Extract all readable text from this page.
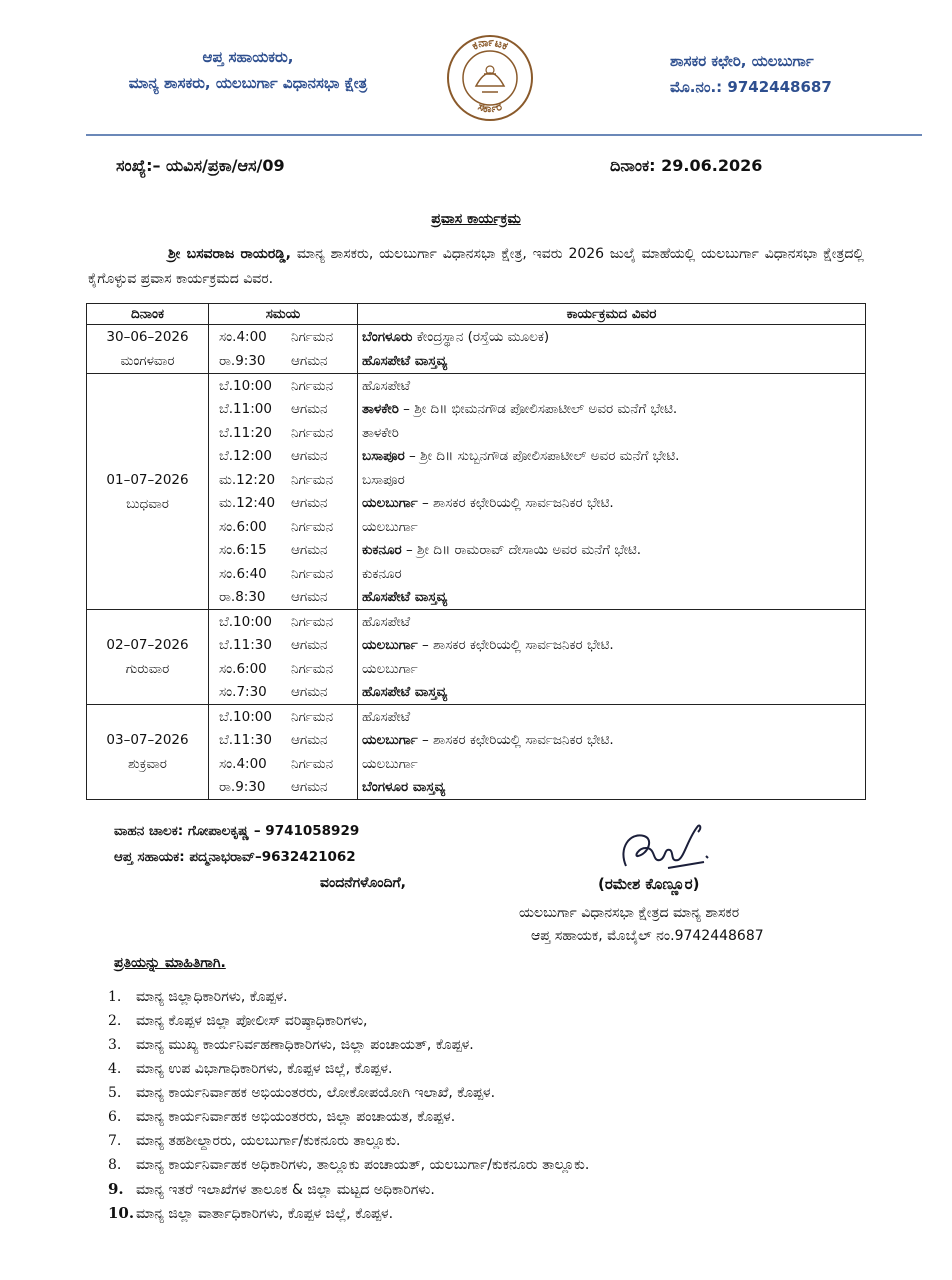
ಆಪ್ತ ಸಹಾಯಕರು,
ಮಾನ್ಯ ಶಾಸಕರು, ಯಲಬುರ್ಗಾ ವಿಧಾನಸಭಾ ಕ್ಷೇತ್ರ
ಕರ್ನಾಟಕ
ಸರ್ಕಾರ
ಶಾಸಕರ ಕಛೇರಿ, ಯಲಬುರ್ಗಾ
ಮೊ.ನಂ.: 9742448687
ಸಂಖ್ಯೆ:– ಯವಿಸ/ಪ್ರಕಾ/ಆಸ/09	ದಿನಾಂಕ: 29.06.2026
ಪ್ರವಾಸ ಕಾರ್ಯಕ್ರಮ
ಶ್ರೀ ಬಸವರಾಜ ರಾಯರಡ್ಡಿ, ಮಾನ್ಯ ಶಾಸಕರು, ಯಲಬುರ್ಗಾ ವಿಧಾನಸಭಾ ಕ್ಷೇತ್ರ, ಇವರು 2026 ಜುಲೈ ಮಾಹೆಯಲ್ಲಿ ಯಲಬುರ್ಗಾ ವಿಧಾನಸಭಾ ಕ್ಷೇತ್ರದಲ್ಲಿ ಕೈಗೊಳ್ಳುವ ಪ್ರವಾಸ ಕಾರ್ಯಕ್ರಮದ ವಿವರ.
ದಿನಾಂಕ	ಸಮಯ		ಕಾರ್ಯಕ್ರಮದ ವಿವರ

30–06–2026
ಮಂಗಳವಾರ	ಸಂ.4:00	ನಿರ್ಗಮನ	ಬೆಂಗಳೂರು ಕೇಂದ್ರಸ್ಥಾನ (ರಸ್ತೆಯ ಮೂಲಕ)
	ರಾ.9:30	ಆಗಮನ	ಹೊಸಪೇಟೆ ವಾಸ್ತವ್ಯ

01–07–2026
ಬುಧವಾರ	ಬೆ.10:00	ನಿರ್ಗಮನ	ಹೊಸಪೇಟೆ
	ಬೆ.11:00	ಆಗಮನ	ತಾಳಕೇರಿ – ಶ್ರೀ ದಿ॥ ಭೀಮನಗೌಡ ಪೋಲಿಸಪಾಟೀಲ್ ಅವರ ಮನೆಗೆ ಭೇಟಿ.
	ಬೆ.11:20	ನಿರ್ಗಮನ	ತಾಳಕೇರಿ
	ಬೆ.12:00	ಆಗಮನ	ಬಸಾಪೂರ – ಶ್ರೀ ದಿ॥ ಸುಬ್ಬನಗೌಡ ಪೋಲಿಸಪಾಟೀಲ್ ಅವರ ಮನೆಗೆ ಭೇಟಿ.
	ಮ.12:20	ನಿರ್ಗಮನ	ಬಸಾಪೂರ
	ಮ.12:40	ಆಗಮನ	ಯಲಬುರ್ಗಾ – ಶಾಸಕರ ಕಛೇರಿಯಲ್ಲಿ ಸಾರ್ವಜನಿಕರ ಭೇಟಿ.
	ಸಂ.6:00	ನಿರ್ಗಮನ	ಯಲಬುರ್ಗಾ
	ಸಂ.6:15	ಆಗಮನ	ಕುಕನೂರ – ಶ್ರೀ ದಿ॥ ರಾಮರಾವ್ ದೇಸಾಯಿ ಅವರ ಮನೆಗೆ ಭೇಟಿ.
	ಸಂ.6:40	ನಿರ್ಗಮನ	ಕುಕನೂರ
	ರಾ.8:30	ಆಗಮನ	ಹೊಸಪೇಟೆ ವಾಸ್ತವ್ಯ

02–07–2026
ಗುರುವಾರ	ಬೆ.10:00	ನಿರ್ಗಮನ	ಹೊಸಪೇಟೆ
	ಬೆ.11:30	ಆಗಮನ	ಯಲಬುರ್ಗಾ – ಶಾಸಕರ ಕಛೇರಿಯಲ್ಲಿ ಸಾರ್ವಜನಿಕರ ಭೇಟಿ.
	ಸಂ.6:00	ನಿರ್ಗಮನ	ಯಲಬುರ್ಗಾ
	ಸಂ.7:30	ಆಗಮನ	ಹೊಸಪೇಟೆ ವಾಸ್ತವ್ಯ

03–07–2026
ಶುಕ್ರವಾರ	ಬೆ.10:00	ನಿರ್ಗಮನ	ಹೊಸಪೇಟೆ
	ಬೆ.11:30	ಆಗಮನ	ಯಲಬುರ್ಗಾ – ಶಾಸಕರ ಕಛೇರಿಯಲ್ಲಿ ಸಾರ್ವಜನಿಕರ ಭೇಟಿ.
	ಸಂ.4:00	ನಿರ್ಗಮನ	ಯಲಬುರ್ಗಾ
	ರಾ.9:30	ಆಗಮನ	ಬೆಂಗಳೂರ ವಾಸ್ತವ್ಯ
ವಾಹನ ಚಾಲಕ: ಗೋಪಾಲಕೃಷ್ಣ – 9741058929
ಆಪ್ತ ಸಹಾಯಕ: ಪದ್ಮನಾಭರಾವ್–9632421062
ವಂದನೆಗಳೊಂದಿಗೆ,	(ರಮೇಶ ಕೊಣ್ಣೂರ)
ಯಲಬುರ್ಗಾ ವಿಧಾನಸಭಾ ಕ್ಷೇತ್ರದ ಮಾನ್ಯ ಶಾಸಕರ
ಆಪ್ತ ಸಹಾಯಕ, ಮೊಬೈಲ್ ನಂ.9742448687
ಪ್ರತಿಯನ್ನು ಮಾಹಿತಿಗಾಗಿ.
1. ಮಾನ್ಯ ಜಿಲ್ಲಾಧಿಕಾರಿಗಳು, ಕೊಪ್ಪಳ.
2. ಮಾನ್ಯ ಕೊಪ್ಪಳ ಜಿಲ್ಲಾ ಪೋಲೀಸ್ ವರಿಷ್ಠಾಧಿಕಾರಿಗಳು,
3. ಮಾನ್ಯ ಮುಖ್ಯ ಕಾರ್ಯನಿರ್ವಹಣಾಧಿಕಾರಿಗಳು, ಜಿಲ್ಲಾ ಪಂಚಾಯತ್, ಕೊಪ್ಪಳ.
4. ಮಾನ್ಯ ಉಪ ವಿಭಾಗಾಧಿಕಾರಿಗಳು, ಕೊಪ್ಪಳ ಜಿಲ್ಲೆ, ಕೊಪ್ಪಳ.
5. ಮಾನ್ಯ ಕಾರ್ಯನಿರ್ವಾಹಕ ಅಭಿಯಂತರರು, ಲೋಕೋಪಯೋಗಿ ಇಲಾಖೆ, ಕೊಪ್ಪಳ.
6. ಮಾನ್ಯ ಕಾರ್ಯನಿರ್ವಾಹಕ ಅಭಿಯಂತರರು, ಜಿಲ್ಲಾ ಪಂಚಾಯತ, ಕೊಪ್ಪಳ.
7. ಮಾನ್ಯ ತಹಶೀಲ್ದಾರರು, ಯಲಬುರ್ಗಾ/ಕುಕನೂರು ತಾಲ್ಲೂಕು.
8. ಮಾನ್ಯ ಕಾರ್ಯನಿರ್ವಾಹಕ ಅಧಿಕಾರಿಗಳು, ತಾಲ್ಲೂಕು ಪಂಚಾಯತ್, ಯಲಬುರ್ಗಾ/ಕುಕನೂರು ತಾಲ್ಲೂಕು.
9. ಮಾನ್ಯ ಇತರೆ ಇಲಾಖೆಗಳ ತಾಲೂಕ & ಜಿಲ್ಲಾ ಮಟ್ಟದ ಅಧಿಕಾರಿಗಳು.
10. ಮಾನ್ಯ ಜಿಲ್ಲಾ ವಾರ್ತಾಧಿಕಾರಿಗಳು, ಕೊಪ್ಪಳ ಜಿಲ್ಲೆ, ಕೊಪ್ಪಳ.
